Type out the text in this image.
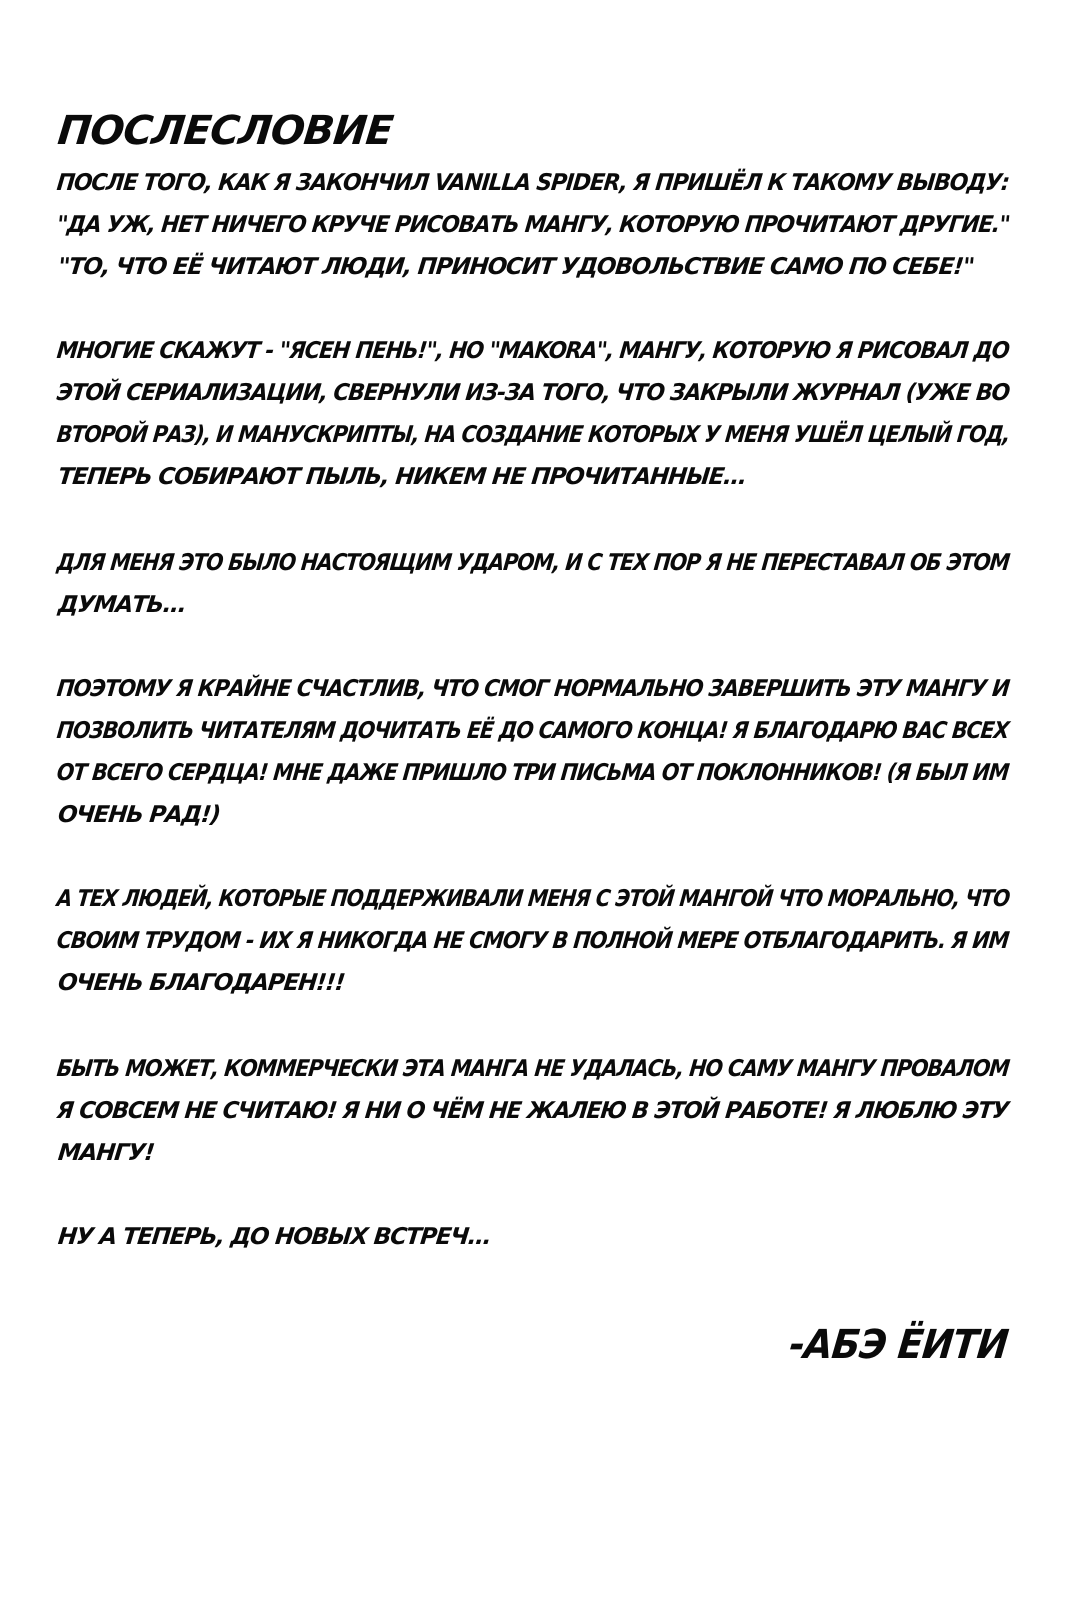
ПОСЛЕСЛОВИЕ
ПОСЛЕ ТОГО, КАК Я ЗАКОНЧИЛ VANILLA SPIDER, Я ПРИШЁЛ К ТАКОМУ ВЫВОДУ:
"ДА УЖ, НЕТ НИЧЕГО КРУЧЕ РИСОВАТЬ МАНГУ, КОТОРУЮ ПРОЧИТАЮТ ДРУГИЕ."
"ТО, ЧТО ЕЁ ЧИТАЮТ ЛЮДИ, ПРИНОСИТ УДОВОЛЬСТВИЕ САМО ПО СЕБЕ!"
МНОГИЕ СКАЖУТ - "ЯСЕН ПЕНЬ!", НО "MAKORA", МАНГУ, КОТОРУЮ Я РИСОВАЛ ДО
ЭТОЙ СЕРИАЛИЗАЦИИ, СВЕРНУЛИ ИЗ-ЗА ТОГО, ЧТО ЗАКРЫЛИ ЖУРНАЛ (УЖЕ ВО
ВТОРОЙ РАЗ), И МАНУСКРИПТЫ, НА СОЗДАНИЕ КОТОРЫХ У МЕНЯ УШЁЛ ЦЕЛЫЙ ГОД,
ТЕПЕРЬ СОБИРАЮТ ПЫЛЬ, НИКЕМ НЕ ПРОЧИТАННЫЕ...
ДЛЯ МЕНЯ ЭТО БЫЛО НАСТОЯЩИМ УДАРОМ, И С ТЕХ ПОР Я НЕ ПЕРЕСТАВАЛ ОБ ЭТОМ
ДУМАТЬ...
ПОЭТОМУ Я КРАЙНЕ СЧАСТЛИВ, ЧТО СМОГ НОРМАЛЬНО ЗАВЕРШИТЬ ЭТУ МАНГУ И
ПОЗВОЛИТЬ ЧИТАТЕЛЯМ ДОЧИТАТЬ ЕЁ ДО САМОГО КОНЦА! Я БЛАГОДАРЮ ВАС ВСЕХ
ОТ ВСЕГО СЕРДЦА! МНЕ ДАЖЕ ПРИШЛО ТРИ ПИСЬМА ОТ ПОКЛОННИКОВ! (Я БЫЛ ИМ
ОЧЕНЬ РАД!)
А ТЕХ ЛЮДЕЙ, КОТОРЫЕ ПОДДЕРЖИВАЛИ МЕНЯ С ЭТОЙ МАНГОЙ ЧТО МОРАЛЬНО, ЧТО
СВОИМ ТРУДОМ - ИХ Я НИКОГДА НЕ СМОГУ В ПОЛНОЙ МЕРЕ ОТБЛАГОДАРИТЬ. Я ИМ
ОЧЕНЬ БЛАГОДАРЕН!!!
БЫТЬ МОЖЕТ, КОММЕРЧЕСКИ ЭТА МАНГА НЕ УДАЛАСЬ, НО САМУ МАНГУ ПРОВАЛОМ
Я СОВСЕМ НЕ СЧИТАЮ! Я НИ О ЧЁМ НЕ ЖАЛЕЮ В ЭТОЙ РАБОТЕ! Я ЛЮБЛЮ ЭТУ
МАНГУ!
НУ А ТЕПЕРЬ, ДО НОВЫХ ВСТРЕЧ...
-АБЭ ЁИТИ
